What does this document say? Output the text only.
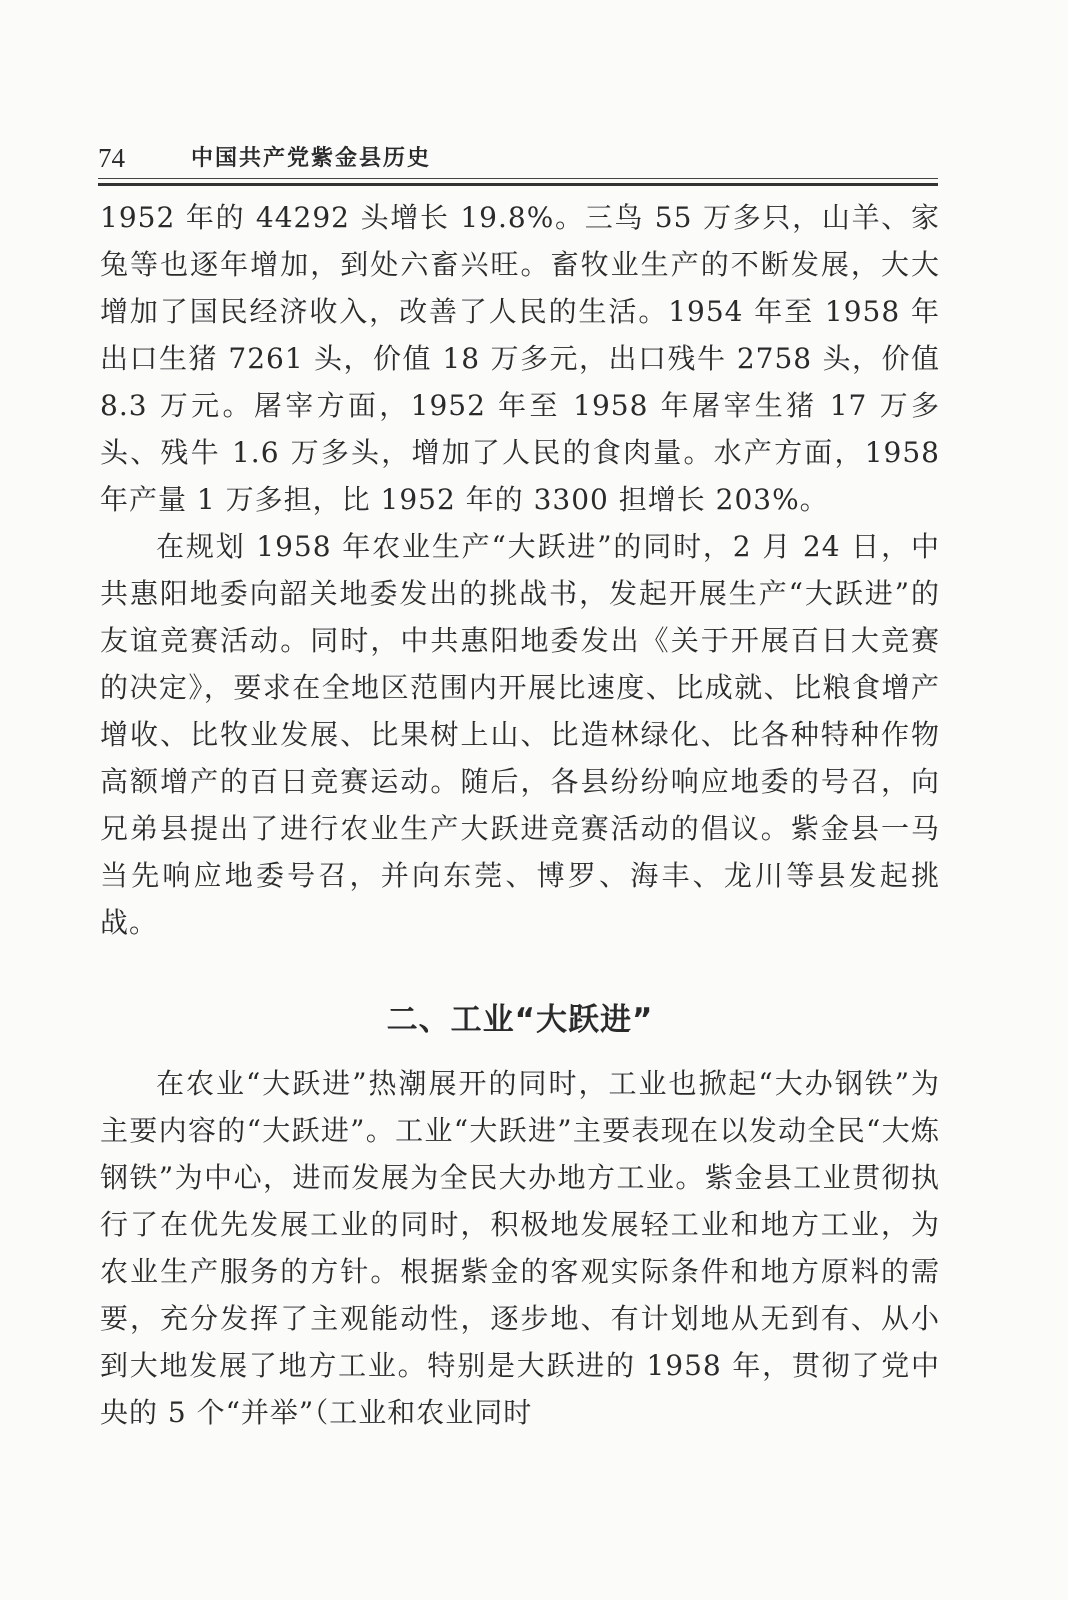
74	中国共产党紫金县历史

1952 年的 44292 头增长 19.8%。三鸟 55 万多只，山羊、家兔等也逐年增加，到处六畜兴旺。畜牧业生产的不断发展，大大增加了国民经济收入，改善了人民的生活。1954 年至 1958 年出口生猪 7261 头，价值 18 万多元，出口残牛 2758 头，价值 8.3 万元。屠宰方面，1952 年至 1958 年屠宰生猪 17 万多头、残牛 1.6 万多头，增加了人民的食肉量。水产方面，1958 年产量 1 万多担，比 1952 年的 3300 担增长 203%。

在规划 1958 年农业生产“大跃进”的同时，2 月 24 日，中共惠阳地委向韶关地委发出的挑战书，发起开展生产“大跃进”的友谊竞赛活动。同时，中共惠阳地委发出《关于开展百日大竞赛的决定》，要求在全地区范围内开展比速度、比成就、比粮食增产增收、比牧业发展、比果树上山、比造林绿化、比各种特种作物高额增产的百日竞赛运动。随后，各县纷纷响应地委的号召，向兄弟县提出了进行农业生产大跃进竞赛活动的倡议。紫金县一马当先响应地委号召，并向东莞、博罗、海丰、龙川等县发起挑战。

二、工业“大跃进”

在农业“大跃进”热潮展开的同时，工业也掀起“大办钢铁”为主要内容的“大跃进”。工业“大跃进”主要表现在以发动全民“大炼钢铁”为中心，进而发展为全民大办地方工业。紫金县工业贯彻执行了在优先发展工业的同时，积极地发展轻工业和地方工业，为农业生产服务的方针。根据紫金的客观实际条件和地方原料的需要，充分发挥了主观能动性，逐步地、有计划地从无到有、从小到大地发展了地方工业。特别是大跃进的 1958 年，贯彻了党中央的 5 个“并举”（工业和农业同时
